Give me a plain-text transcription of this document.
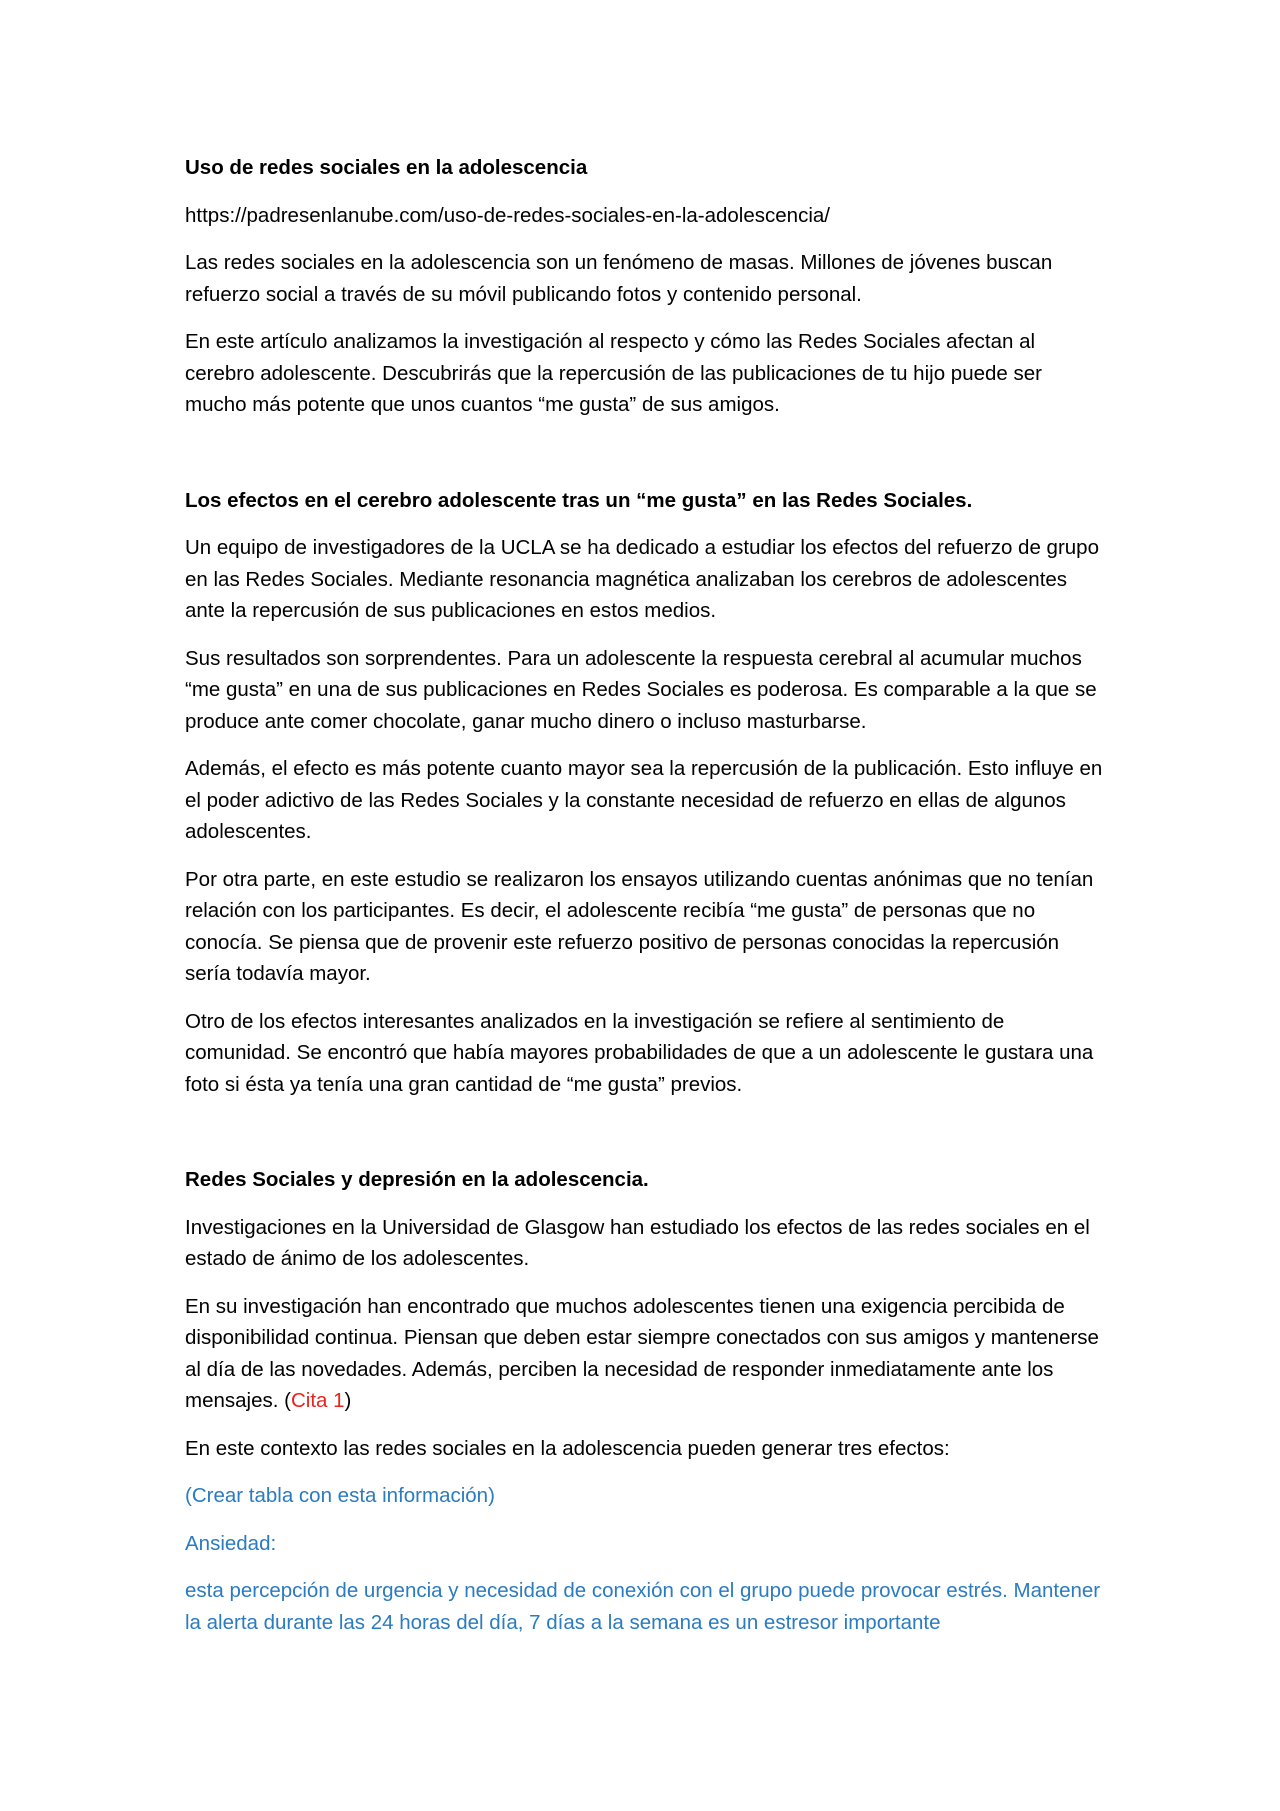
Uso de redes sociales en la adolescencia

https://padresenlanube.com/uso-de-redes-sociales-en-la-adolescencia/

Las redes sociales en la adolescencia son un fenómeno de masas. Millones de jóvenes buscan refuerzo social a través de su móvil publicando fotos y contenido personal.

En este artículo analizamos la investigación al respecto y cómo las Redes Sociales afectan al cerebro adolescente. Descubrirás que la repercusión de las publicaciones de tu hijo puede ser mucho más potente que unos cuantos “me gusta” de sus amigos.

Los efectos en el cerebro adolescente tras un “me gusta” en las Redes Sociales.

Un equipo de investigadores de la UCLA se ha dedicado a estudiar los efectos del refuerzo de grupo en las Redes Sociales. Mediante resonancia magnética analizaban los cerebros de adolescentes ante la repercusión de sus publicaciones en estos medios.

Sus resultados son sorprendentes. Para un adolescente la respuesta cerebral al acumular muchos “me gusta” en una de sus publicaciones en Redes Sociales es poderosa. Es comparable a la que se produce ante comer chocolate, ganar mucho dinero o incluso masturbarse.

Además, el efecto es más potente cuanto mayor sea la repercusión de la publicación. Esto influye en el poder adictivo de las Redes Sociales y la constante necesidad de refuerzo en ellas de algunos adolescentes.

Por otra parte, en este estudio se realizaron los ensayos utilizando cuentas anónimas que no tenían relación con los participantes. Es decir, el adolescente recibía “me gusta” de personas que no conocía. Se piensa que de provenir este refuerzo positivo de personas conocidas la repercusión sería todavía mayor.

Otro de los efectos interesantes analizados en la investigación se refiere al sentimiento de comunidad. Se encontró que había mayores probabilidades de que a un adolescente le gustara una foto si ésta ya tenía una gran cantidad de “me gusta” previos.

Redes Sociales y depresión en la adolescencia.

Investigaciones en la Universidad de Glasgow han estudiado los efectos de las redes sociales en el estado de ánimo de los adolescentes.

En su investigación han encontrado que muchos adolescentes tienen una exigencia percibida de disponibilidad continua. Piensan que deben estar siempre conectados con sus amigos y mantenerse al día de las novedades. Además, perciben la necesidad de responder inmediatamente ante los mensajes. (Cita 1)

En este contexto las redes sociales en la adolescencia pueden generar tres efectos:

(Crear tabla con esta información)

Ansiedad:

esta percepción de urgencia y necesidad de conexión con el grupo puede provocar estrés. Mantener la alerta durante las 24 horas del día, 7 días a la semana es un estresor importante
